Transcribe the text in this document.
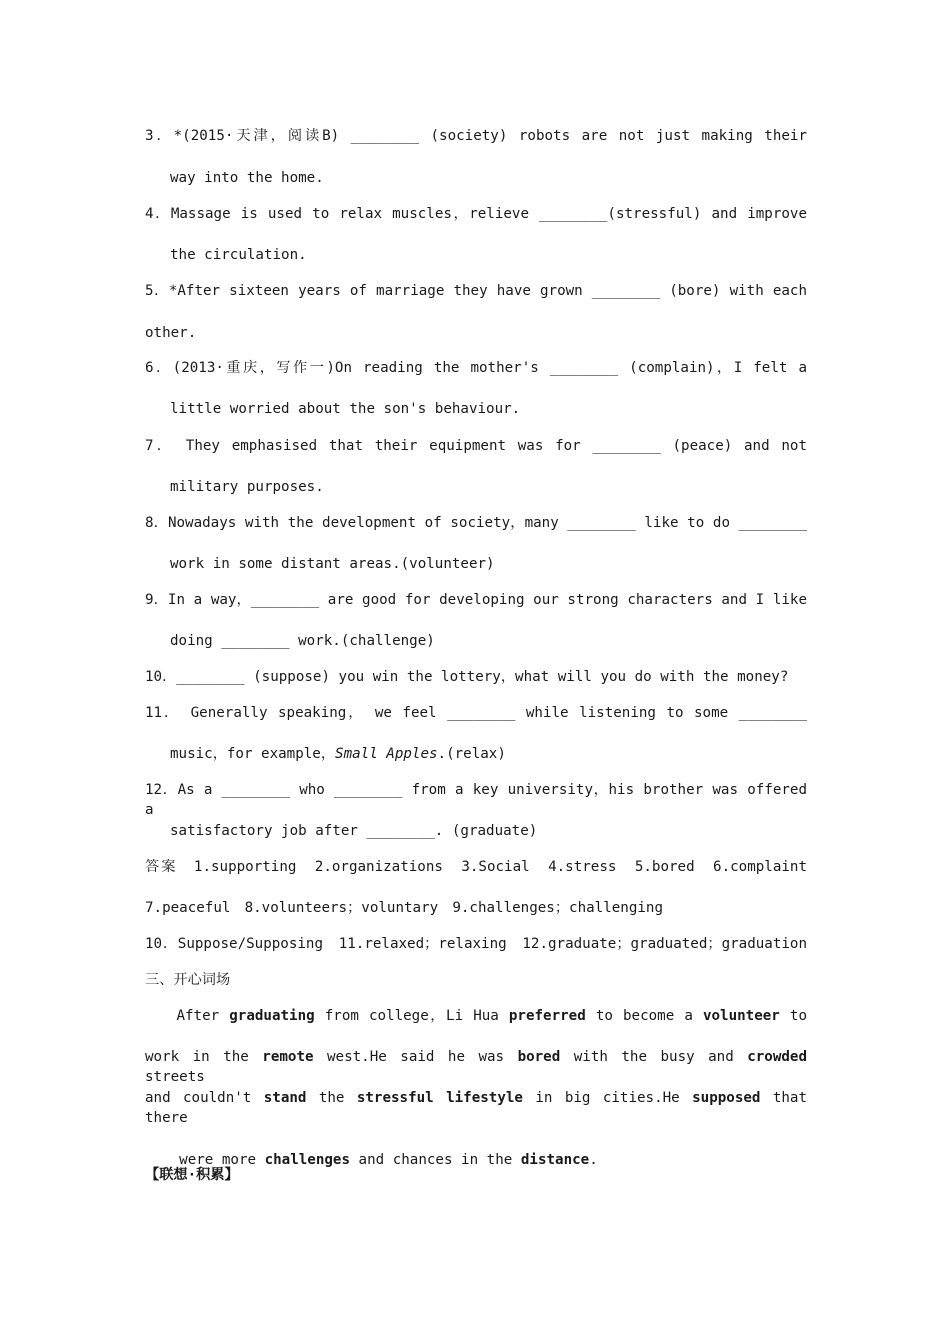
3．*(2015·天津，阅读B) ________ (society) robots are not just making their
way into the home.
4．Massage is used to relax muscles，relieve ________(stressful) and improve
the circulation.
5．*After sixteen years of marriage they have grown ________ (bore) with each
other.
6．(2013·重庆，写作一)On reading the mother's ________ (complain)，I felt a
little worried about the son's behaviour.
7． They emphasised that their equipment was for ________ (peace) and not
military purposes.
8．Nowadays with the development of society，many ________ like to do ________
work in some distant areas.(volunteer)
9．In a way，________ are good for developing our strong characters and I like
doing ________ work.(challenge)
10．________ (suppose) you win the lottery，what will you do with the money?
11． Generally speaking， we feel ________ while listening to some ________
music，for example，Small Apples.(relax)
12．As a ________ who ________ from a key university，his brother was offered a
satisfactory job after ________. (graduate)
答案　1.supporting　2.organizations　3.Social　4.stress　5.bored　6.complaint
7.peaceful　8.volunteers；voluntary　9.challenges；challenging
10．Suppose/Supposing　11.relaxed；relaxing　12.graduate；graduated；graduation
三、开心词场
　　After graduating from college，Li Hua preferred to become a volunteer to
work in the remote west.He said he was bored with the busy and crowded streets
and couldn't stand the stressful lifestyle in big cities.He supposed that there

were more challenges and chances in the distance.

【联想·积累】
